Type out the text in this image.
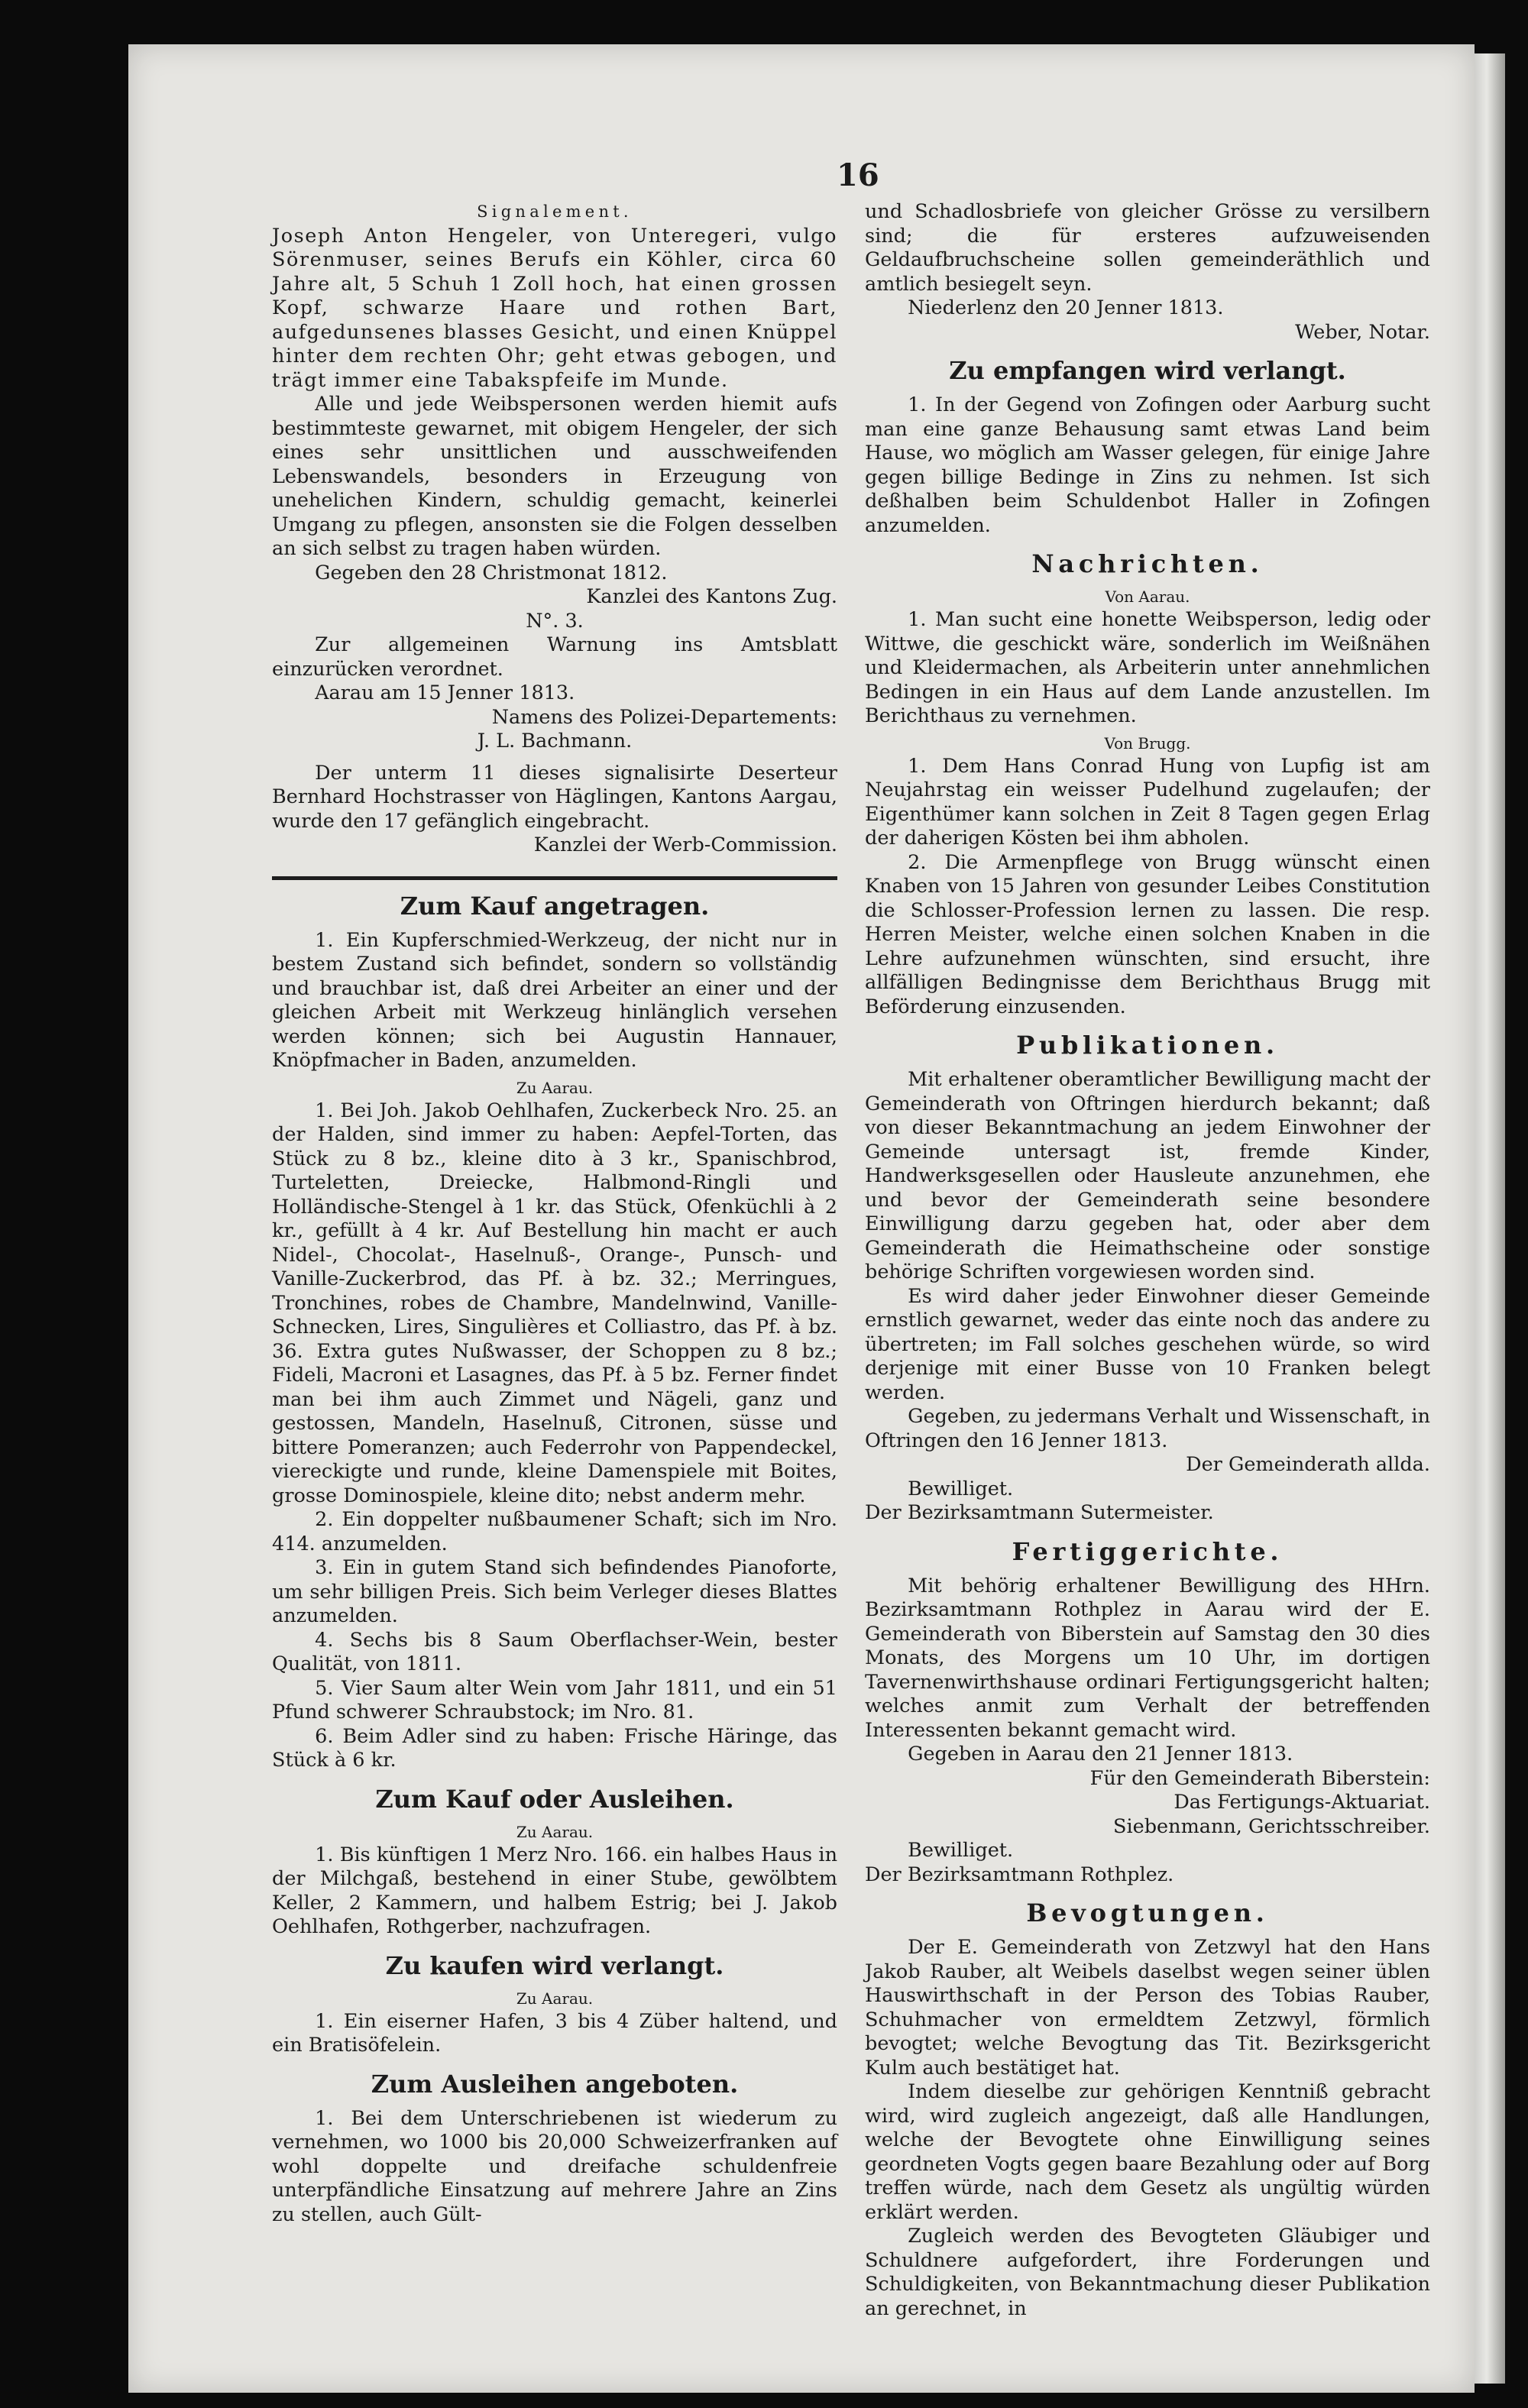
16

Signalement.

Joseph Anton Hengeler, von Unteregeri, vulgo Sörenmuser, seines Berufs ein Köhler, circa 60 Jahre alt, 5 Schuh 1 Zoll hoch, hat einen grossen Kopf, schwarze Haare und rothen Bart, aufgedunsenes blasses Gesicht, und einen Knüppel hinter dem rechten Ohr; geht etwas gebogen, und trägt immer eine Tabakspfeife im Munde.

Alle und jede Weibspersonen werden hiemit aufs bestimmteste gewarnet, mit obigem Hengeler, der sich eines sehr unsittlichen und ausschweifenden Lebenswandels, besonders in Erzeugung von unehelichen Kindern, schuldig gemacht, keinerlei Umgang zu pflegen, ansonsten sie die Folgen desselben an sich selbst zu tragen haben würden.

Gegeben den 28 Christmonat 1812.

Kanzlei des Kantons Zug.

N°. 3.

Zur allgemeinen Warnung ins Amtsblatt einzurücken verordnet.

Aarau am 15 Jenner 1813.

Namens des Polizei-Departements:

J. L. Bachmann.

Der unterm 11 dieses signalisirte Desertеur Bernhard Hochstrasser von Häglingen, Kantons Aargau, wurde den 17 gefänglich eingebracht.

Kanzlei der Werb-Commission.

Zum Kauf angetragen.

1. Ein Kupferschmied-Werkzeug, der nicht nur in bestem Zustand sich befindet, sondern so vollständig und brauchbar ist, daß drei Arbeiter an einer und der gleichen Arbeit mit Werkzeug hinlänglich versehen werden können; sich bei Augustin Hannauer, Knöpfmacher in Baden, anzumelden.

Zu Aarau.

1. Bei Joh. Jakob Oehlhafen, Zuckerbeck Nro. 25. an der Halden, sind immer zu haben: Aepfel-Torten, das Stück zu 8 bz., kleine dito à 3 kr., Spanischbrod, Turteletten, Dreiecke, Halbmond-Ringli und Holländische-Stengel à 1 kr. das Stück, Ofenküchli à 2 kr., gefüllt à 4 kr. Auf Bestellung hin macht er auch Nidel-, Chocolat-, Haselnuß-, Orange-, Punsch- und Vanille-Zuckerbrod, das Pf. à bz. 32.; Merringues, Tronchines, robes de Chambre, Mandelnwind, Vanille-Schnecken, Lires, Singulières et Colliastro, das Pf. à bz. 36. Extra gutes Nußwasser, der Schoppen zu 8 bz.; Fideli, Macroni et Lasagnes, das Pf. à 5 bz. Ferner findet man bei ihm auch Zimmet und Nägeli, ganz und gestossen, Mandeln, Haselnuß, Citronen, süsse und bittere Pomeranzen; auch Federrohr von Pappendeckel, viereckigte und runde, kleine Damenspiele mit Boites, grosse Dominospiele, kleine dito; nebst anderm mehr.

2. Ein doppelter nußbaumener Schaft; sich im Nro. 414. anzumelden.

3. Ein in gutem Stand sich befindendes Pianoforte, um sehr billigen Preis. Sich beim Verleger dieses Blattes anzumelden.

4. Sechs bis 8 Saum Oberflachser-Wein, bester Qualität, von 1811.

5. Vier Saum alter Wein vom Jahr 1811, und ein 51 Pfund schwerer Schraubstock; im Nro. 81.

6. Beim Adler sind zu haben: Frische Häringe, das Stück à 6 kr.

Zum Kauf oder Ausleihen.
Zu Aarau.

1. Bis künftigen 1 Merz Nro. 166. ein halbes Haus in der Milchgaß, bestehend in einer Stube, gewölbtem Keller, 2 Kammern, und halbem Estrig; bei J. Jakob Oehlhafen, Rothgerber, nachzufragen.

Zu kaufen wird verlangt.
Zu Aarau.

1. Ein eiserner Hafen, 3 bis 4 Züber haltend, und ein Bratisöfelein.

Zum Ausleihen angeboten.

1. Bei dem Unterschriebenen ist wiederum zu vernehmen, wo 1000 bis 20,000 Schweizerfranken auf wohl doppelte und dreifache schuldenfreie unterpfändliche Einsatzung auf mehrere Jahre an Zins zu stellen, auch Gült-

und Schadlosbriefe von gleicher Grösse zu versilbern sind; die für ersteres aufzuweisenden Geldaufbruchscheine sollen gemeinderäthlich und amtlich besiegelt seyn.

Niederlenz den 20 Jenner 1813.

Weber, Notar.

Zu empfangen wird verlangt.

1. In der Gegend von Zofingen oder Aarburg sucht man eine ganze Behausung samt etwas Land beim Hause, wo möglich am Wasser gelegen, für einige Jahre gegen billige Bedinge in Zins zu nehmen. Ist sich deßhalben beim Schuldenbot Haller in Zofingen anzumelden.

Nachrichten.
Von Aarau.

1. Man sucht eine honette Weibsperson, ledig oder Wittwe, die geschickt wäre, sonderlich im Weißnähen und Kleidermachen, als Arbeiterin unter annehmlichen Bedingen in ein Haus auf dem Lande anzustellen. Im Berichthaus zu vernehmen.

Von Brugg.

1. Dem Hans Conrad Hung von Lupfig ist am Neujahrstag ein weisser Pudelhund zugelaufen; der Eigenthümer kann solchen in Zeit 8 Tagen gegen Erlag der daherigen Kösten bei ihm abholen.

2. Die Armenpflege von Brugg wünscht einen Knaben von 15 Jahren von gesunder Leibes Constitution die Schlosser-Profession lernen zu lassen. Die resp. Herren Meister, welche einen solchen Knaben in die Lehre aufzunehmen wünschten, sind ersucht, ihre allfälligen Bedingnisse dem Berichthaus Brugg mit Beförderung einzusenden.

Publikationen.

Mit erhaltener oberamtlicher Bewilligung macht der Gemeinderath von Oftringen hierdurch bekannt; daß von dieser Bekanntmachung an jedem Einwohner der Gemeinde untersagt ist, fremde Kinder, Handwerksgesellen oder Hausleute anzunehmen, ehe und bevor der Gemeinderath seine besondere Einwilligung darzu gegeben hat, oder aber dem Gemeinderath die Heimathscheine oder sonstige behörige Schriften vorgewiesen worden sind.

Es wird daher jeder Einwohner dieser Gemeinde ernstlich gewarnet, weder das einte noch das andere zu übertreten; im Fall solches geschehen würde, so wird derjenige mit einer Busse von 10 Franken belegt werden.

Gegeben, zu jedermans Verhalt und Wissenschaft, in Oftringen den 16 Jenner 1813.

Der Gemeinderath allda.

Bewilliget.

Der Bezirksamtmann Sutermeister.

Fertiggerichte.

Mit behörig erhaltener Bewilligung des HHrn. Bezirksamtmann Rothplez in Aarau wird der E. Gemeinderath von Biberstein auf Samstag den 30 dies Monats, des Morgens um 10 Uhr, im dortigen Tavernenwirthshause ordinari Fertigungsgericht halten; welches anmit zum Verhalt der betreffenden Interessenten bekannt gemacht wird.

Gegeben in Aarau den 21 Jenner 1813.

Für den Gemeinderath Biberstein:

Das Fertigungs-Aktuariat.

Siebenmann, Gerichtsschreiber.

Bewilliget.

Der Bezirksamtmann Rothplez.

Bevogtungen.

Der E. Gemeinderath von Zetzwyl hat den Hans Jakob Rauber, alt Weibels daselbst wegen seiner üblen Hauswirthschaft in der Person des Tobias Rauber, Schuhmacher von ermeldtem Zetzwyl, förmlich bevogtet; welche Bevogtung das Tit. Bezirksgericht Kulm auch bestätiget hat.

Indem dieselbe zur gehörigen Kenntniß gebracht wird, wird zugleich angezeigt, daß alle Handlungen, welche der Bevogtete ohne Einwilligung seines geordneten Vogts gegen baare Bezahlung oder auf Borg treffen würde, nach dem Gesetz als ungültig würden erklärt werden.

Zugleich werden des Bevogteten Gläubiger und Schuldnere aufgefordert, ihre Forderungen und Schuldigkeiten, von Bekanntmachung dieser Publikation an gerechnet, in
